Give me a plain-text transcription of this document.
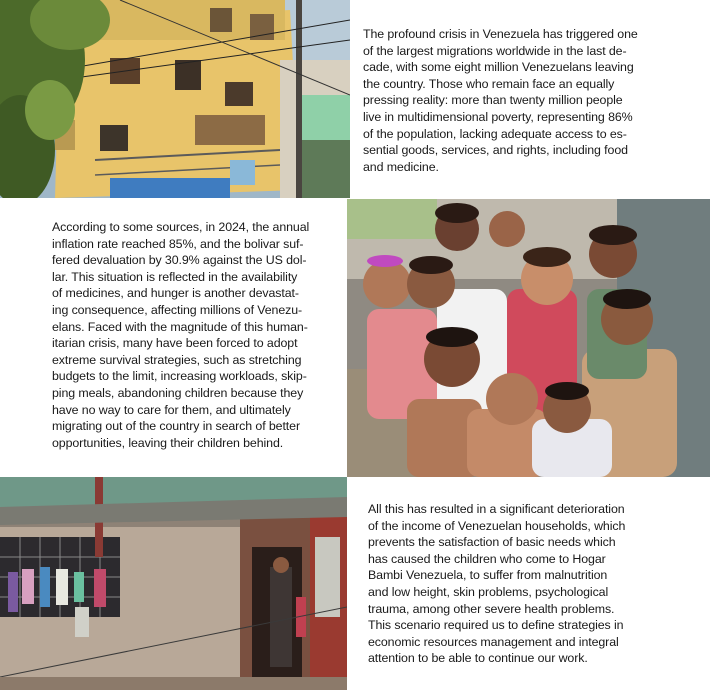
The profound crisis in Venezuela has triggered one
of the largest migrations worldwide in the last de-
cade, with some eight million Venezuelans leaving
the country. Those who remain face an equally
pressing reality: more than twenty million people
live in multidimensional poverty, representing 86%
of the population, lacking adequate access to es-
sential goods, services, and rights, including food
and medicine.

According to some sources, in 2024, the annual
inflation rate reached 85%, and the bolivar suf-
fered devaluation by 30.9% against the US dol-
lar. This situation is reflected in the availability
of medicines, and hunger is another devastat-
ing consequence, affecting millions of Venezu-
elans. Faced with the magnitude of this human-
itarian crisis, many have been forced to adopt
extreme survival strategies, such as stretching
budgets to the limit, increasing workloads, skip-
ping meals, abandoning children because they
have no way to care for them, and ultimately
migrating out of the country in search of better
opportunities, leaving their children behind.

All this has resulted in a significant deterioration
of the income of Venezuelan households, which
prevents the satisfaction of basic needs which
has caused the children who come to Hogar
Bambi Venezuela, to suffer from malnutrition
and low height, skin problems, psychological
trauma, among other severe health problems.
This scenario required us to define strategies in
economic resources management and integral
attention to be able to continue our work.
